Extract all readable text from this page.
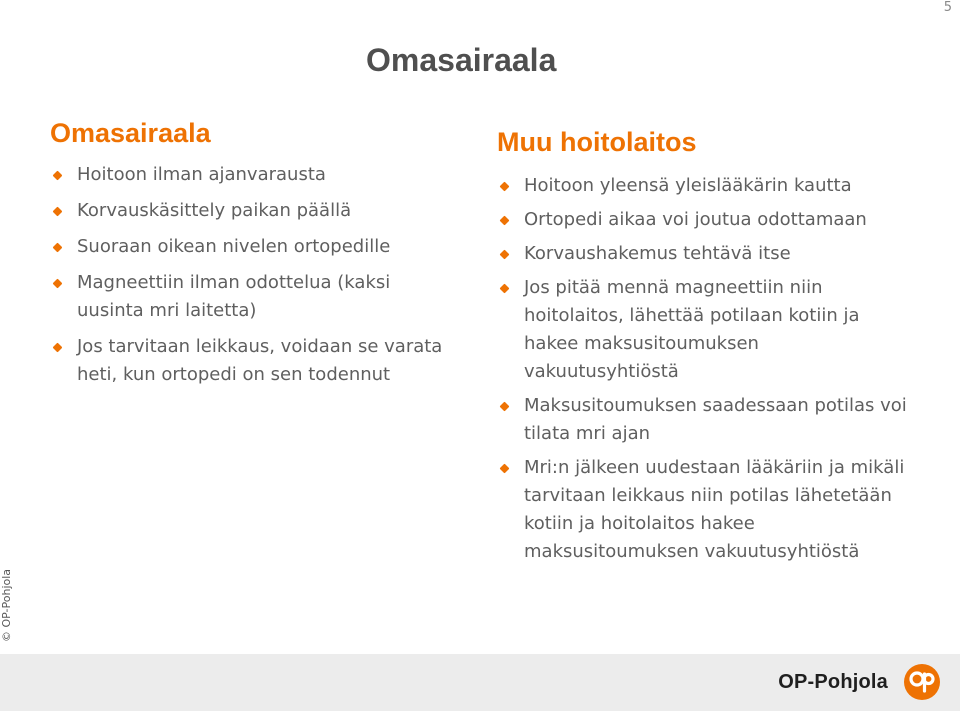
5
Omasairaala
Omasairaala
Hoitoon ilman ajanvarausta
Korvauskäsittely paikan päällä
Suoraan oikean nivelen ortopedille
Magneettiin ilman odottelua (kaksi uusinta mri laitetta)
Jos tarvitaan leikkaus, voidaan se varata heti, kun ortopedi on sen todennut
Muu hoitolaitos
Hoitoon yleensä yleislääkärin kautta
Ortopedi aikaa voi joutua odottamaan
Korvaushakemus tehtävä itse
Jos pitää mennä magneettiin niin hoitolaitos, lähettää potilaan kotiin ja hakee maksusitoumuksen vakuutusyhtiöstä
Maksusitoumuksen saadessaan potilas voi tilata mri ajan
Mri:n jälkeen uudestaan lääkäriin ja mikäli tarvitaan leikkaus niin potilas lähetetään kotiin ja hoitolaitos hakee maksusitoumuksen vakuutusyhtiöstä
© OP-Pohjola
OP-Pohjola
